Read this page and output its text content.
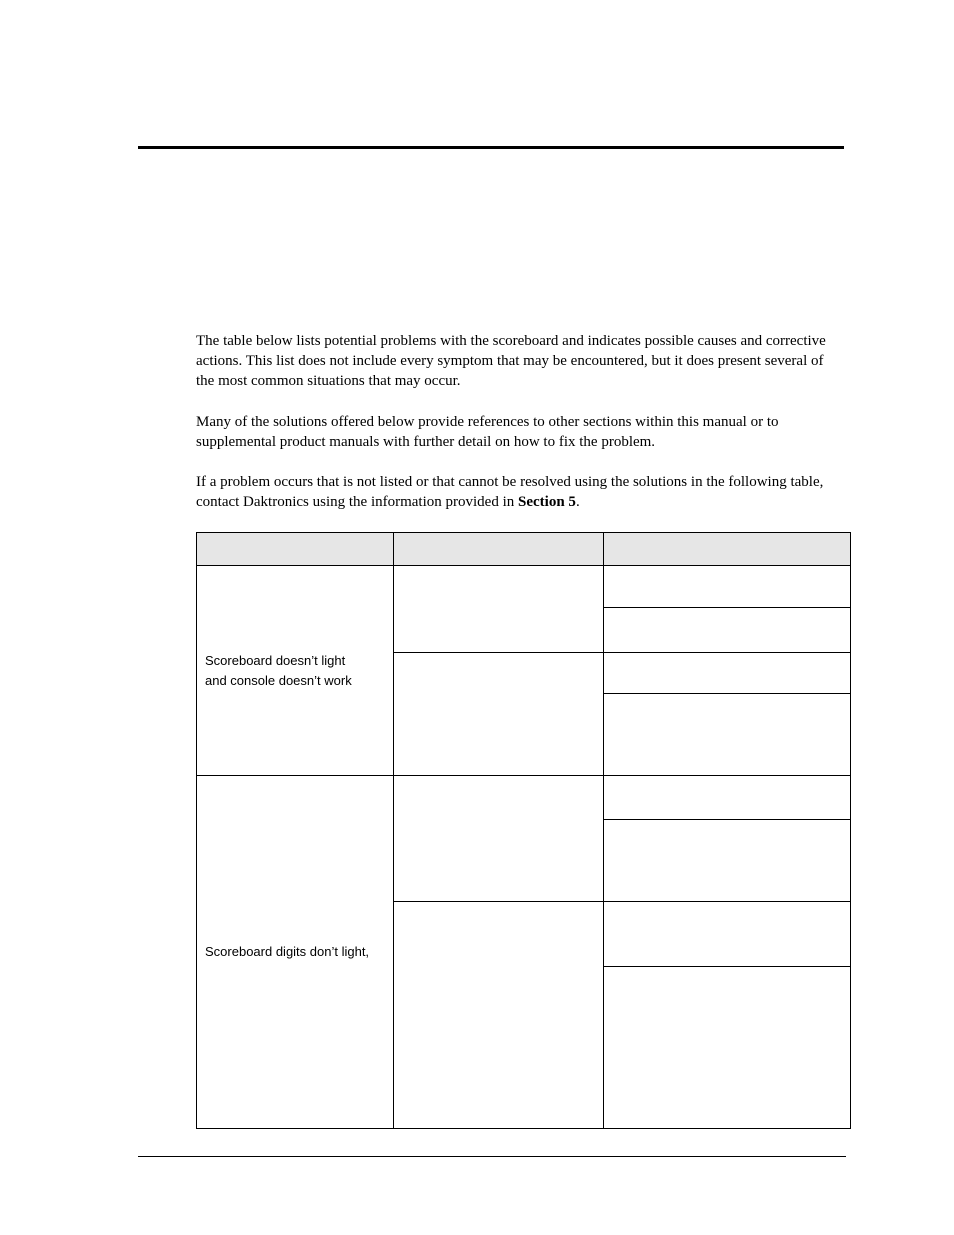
The table below lists potential problems with the scoreboard and indicates possible causes and corrective actions. This list does not include every symptom that may be encountered, but it does present several of the most common situations that may occur.

Many of the solutions offered below provide references to other sections within this manual or to supplemental product manuals with further detail on how to fix the problem.

If a problem occurs that is not listed or that cannot be resolved using the solutions in the following table, contact Daktronics using the information provided in Section 5.

Scoreboard doesn’t light
and console doesn’t work
Scoreboard digits don’t light,
